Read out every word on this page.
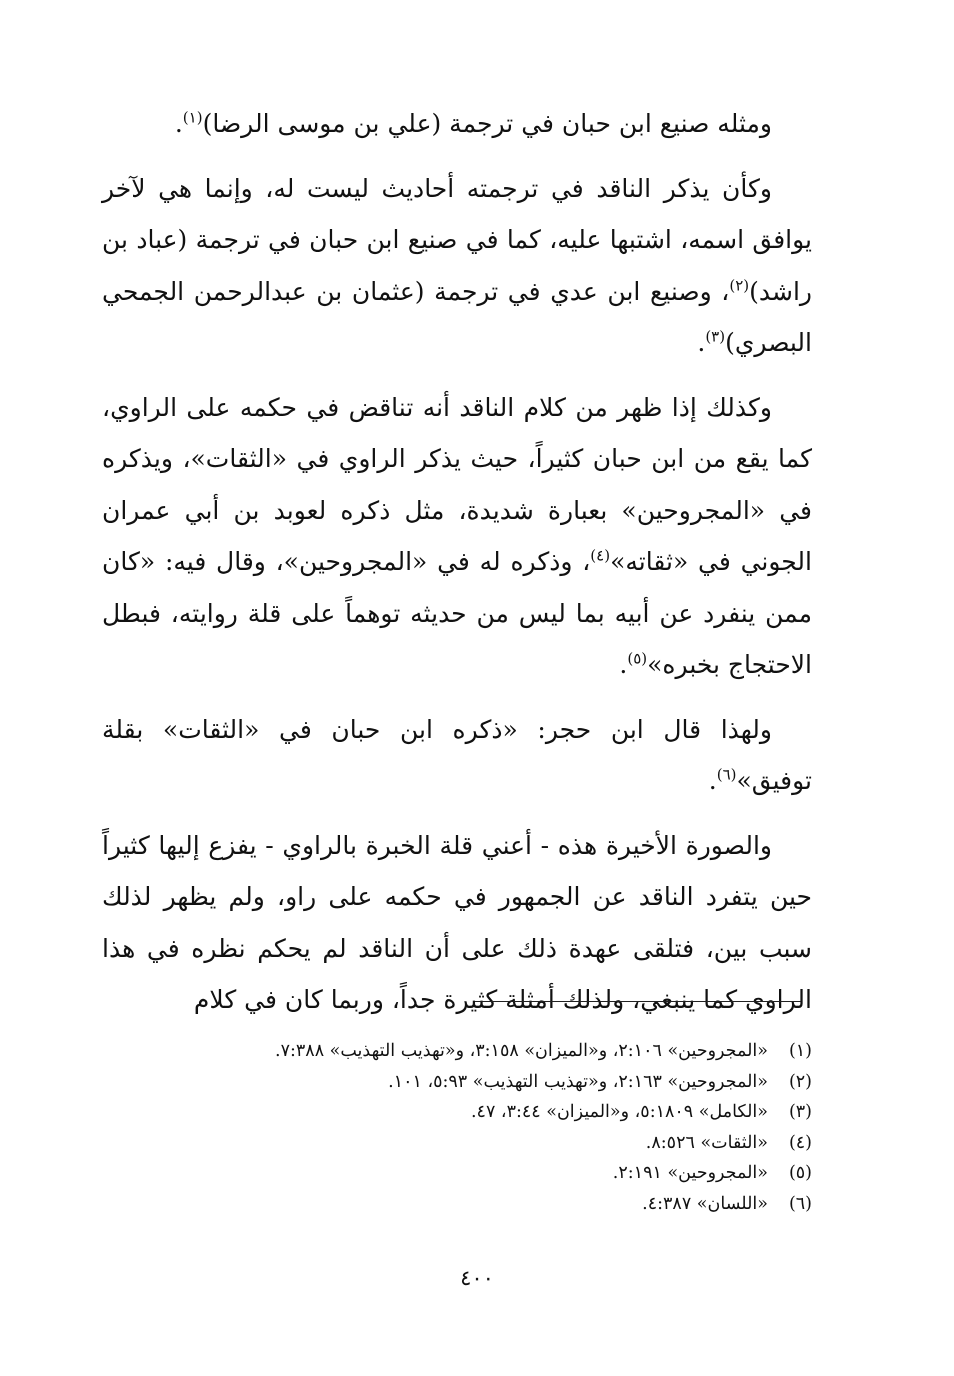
ومثله صنيع ابن حبان في ترجمة (علي بن موسى الرضا)$^{(١)}$.

وكأن يذكر الناقد في ترجمته أحاديث ليست له، وإنما هي لآخر يوافق اسمه، اشتبها عليه، كما في صنيع ابن حبان في ترجمة (عباد بن راشد)$^{(٢)}$، وصنيع ابن عدي في ترجمة (عثمان بن عبدالرحمن الجمحي البصري)$^{(٣)}$.

وكذلك إذا ظهر من كلام الناقد أنه تناقض في حكمه على الراوي، كما يقع من ابن حبان كثيراً، حيث يذكر الراوي في «الثقات»، ويذكره في «المجروحين» بعبارة شديدة، مثل ذكره لعوبد بن أبي عمران الجوني في «ثقاته»$^{(٤)}$، وذكره له في «المجروحين»، وقال فيه: «كان ممن ينفرد عن أبيه بما ليس من حديثه توهماً على قلة روايته، فبطل الاحتجاج بخبره»$^{(٥)}$.

ولهذا قال ابن حجر: «ذكره ابن حبان في «الثقات» بقلة توفيق»$^{(٦)}$.

والصورة الأخيرة هذه - أعني قلة الخبرة بالراوي - يفزع إليها كثيراً حين يتفرد الناقد عن الجمهور في حكمه على راو، ولم يظهر لذلك سبب بين، فتلقى عهدة ذلك على أن الناقد لم يحكم نظره في هذا الراوي كما ينبغي، ولذلك أمثلة كثيرة جداً، وربما كان في كلام

(١)«المجروحين» ٢:١٠٦، و«الميزان» ٣:١٥٨، و«تهذيب التهذيب» ٧:٣٨٨.
(٢)«المجروحين» ٢:١٦٣، و«تهذيب التهذيب» ٥:٩٣، ١٠١.
(٣)«الكامل» ٥:١٨٠٩، و«الميزان» ٣:٤٤، ٤٧.
(٤)«الثقات» ٨:٥٢٦.
(٥)«المجروحين» ٢:١٩١.
(٦)«اللسان» ٤:٣٨٧.
٤٠٠
